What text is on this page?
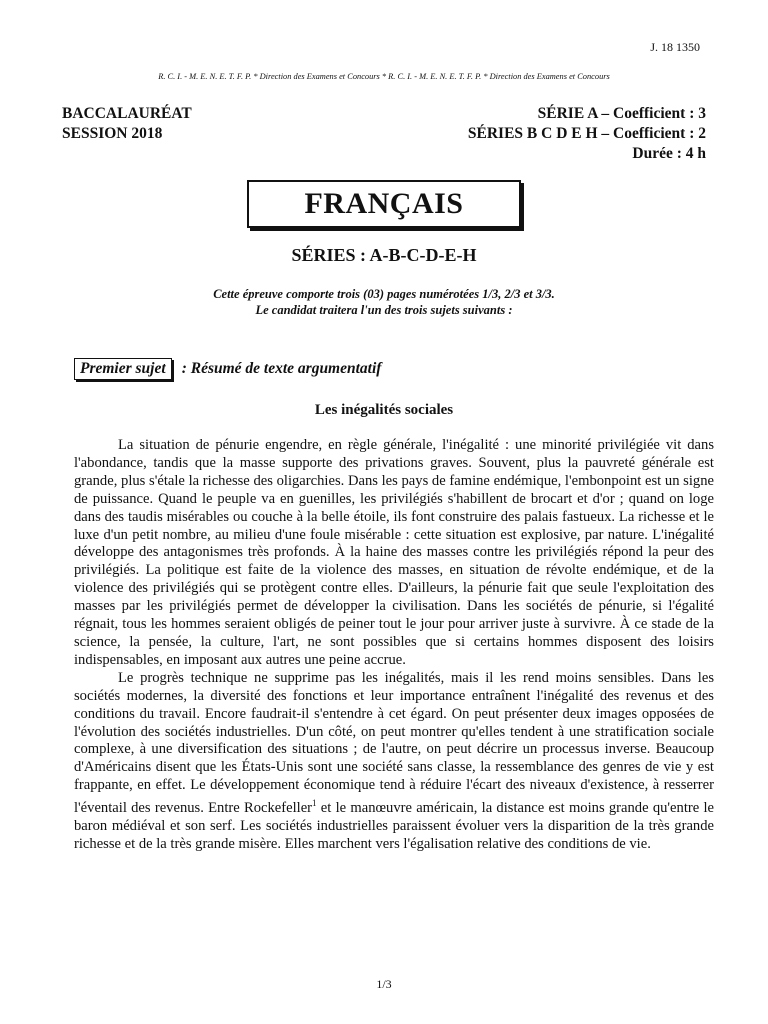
J. 18 1350
R. C. I. - M. E. N. E. T. F. P. * Direction des Examens et Concours * R. C. I. - M. E. N. E. T. F. P. * Direction des Examens et Concours
BACCALAURÉAT
SESSION 2018
SÉRIE A – Coefficient : 3
SÉRIES B C D E H – Coefficient : 2
Durée : 4 h
FRANÇAIS
SÉRIES : A-B-C-D-E-H
Cette épreuve comporte trois (03) pages numérotées 1/3, 2/3 et 3/3.
Le candidat traitera l'un des trois sujets suivants :
Premier sujet	: Résumé de texte argumentatif
Les inégalités sociales

La situation de pénurie engendre, en règle générale, l'inégalité : une minorité privilégiée vit dans l'abondance, tandis que la masse supporte des privations graves. Souvent, plus la pauvreté générale est grande, plus s'étale la richesse des oligarchies. Dans les pays de famine endémique, l'embonpoint est un signe de puissance. Quand le peuple va en guenilles, les privilégiés s'habillent de brocart et d'or ; quand on loge dans des taudis misérables ou couche à la belle étoile, ils font construire des palais fastueux. La richesse et le luxe d'un petit nombre, au milieu d'une foule misérable : cette situation est explosive, par nature. L'inégalité développe des antagonismes très profonds. À la haine des masses contre les privilégiés répond la peur des privilégiés. La politique est faite de la violence des masses, en situation de révolte endémique, et de la violence des privilégiés qui se protègent contre elles. D'ailleurs, la pénurie fait que seule l'exploitation des masses par les privilégiés permet de développer la civilisation. Dans les sociétés de pénurie, si l'égalité régnait, tous les hommes seraient obligés de peiner tout le jour pour arriver juste à survivre. À ce stade de la science, la pensée, la culture, l'art, ne sont possibles que si certains hommes disposent des loisirs indispensables, en imposant aux autres une peine accrue.

Le progrès technique ne supprime pas les inégalités, mais il les rend moins sensibles. Dans les sociétés modernes, la diversité des fonctions et leur importance entraînent l'inégalité des revenus et des conditions du travail. Encore faudrait-il s'entendre à cet égard. On peut présenter deux images opposées de l'évolution des sociétés industrielles. D'un côté, on peut montrer qu'elles tendent à une stratification sociale complexe, à une diversification des situations ; de l'autre, on peut décrire un processus inverse. Beaucoup d'Américains disent que les États-Unis sont une société sans classe, la ressemblance des genres de vie y est frappante, en effet. Le développement économique tend à réduire l'écart des niveaux d'existence, à resserrer l'éventail des revenus. Entre Rockefeller$^1$ et le manœuvre américain, la distance est moins grande qu'entre le baron médiéval et son serf. Les sociétés industrielles paraissent évoluer vers la disparition de la très grande richesse et de la très grande misère. Elles marchent vers l'égalisation relative des conditions de vie.

1/3
